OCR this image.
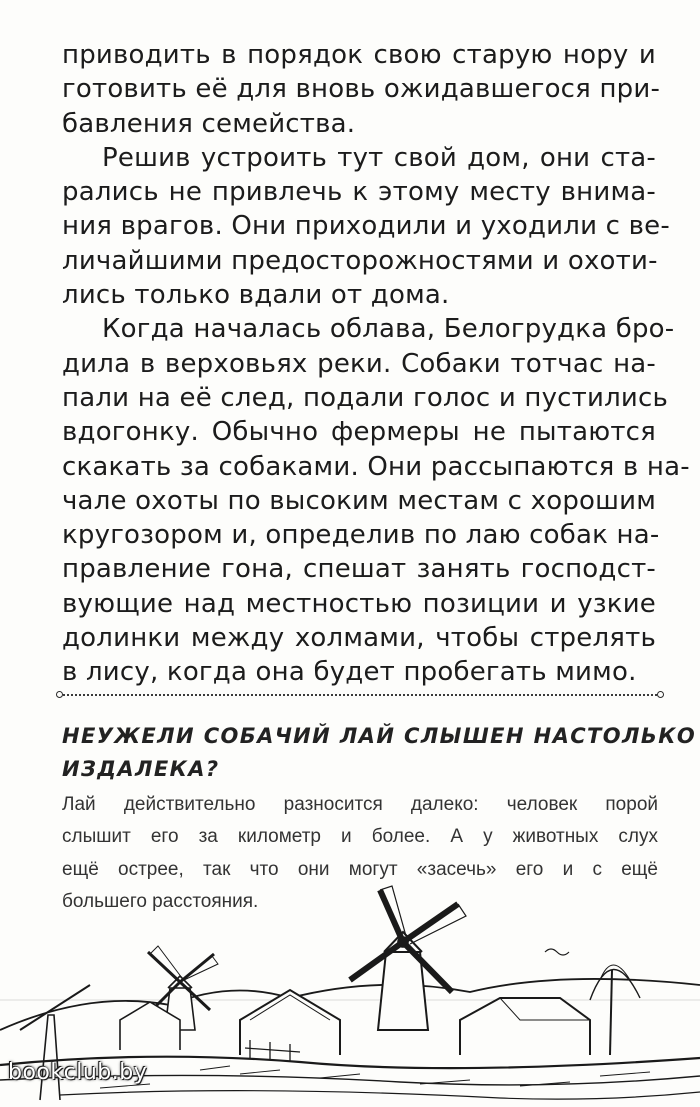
приводить в порядок свою старую нору и
готовить её для вновь ожидавшегося при-
бавления семейства.
Решив устроить тут свой дом, они ста-
рались не привлечь к этому месту внима-
ния врагов. Они приходили и уходили с ве-
личайшими предосторожностями и охоти-
лись только вдали от дома.
Когда началась облава, Белогрудка бро-
дила в верховьях реки. Собаки тотчас на-
пали на её след, подали голос и пустились
вдогонку. Обычно фермеры не пытаются
скакать за собаками. Они рассыпаются в на-
чале охоты по высоким местам с хорошим
кругозором и, определив по лаю собак на-
правление гона, спешат занять господст-
вующие над местностью позиции и узкие
долинки между холмами, чтобы стрелять
в лису, когда она будет пробегать мимо.
НЕУЖЕЛИ СОБАЧИЙ ЛАЙ СЛЫШЕН НАСТОЛЬКО
ИЗДАЛЕКА?
Лай действительно разносится далеко: человек порой
слышит его за километр и более. А у животных слух
ещё острее, так что они могут «засечь» его и с ещё
большего расстояния.
bookclub.by
